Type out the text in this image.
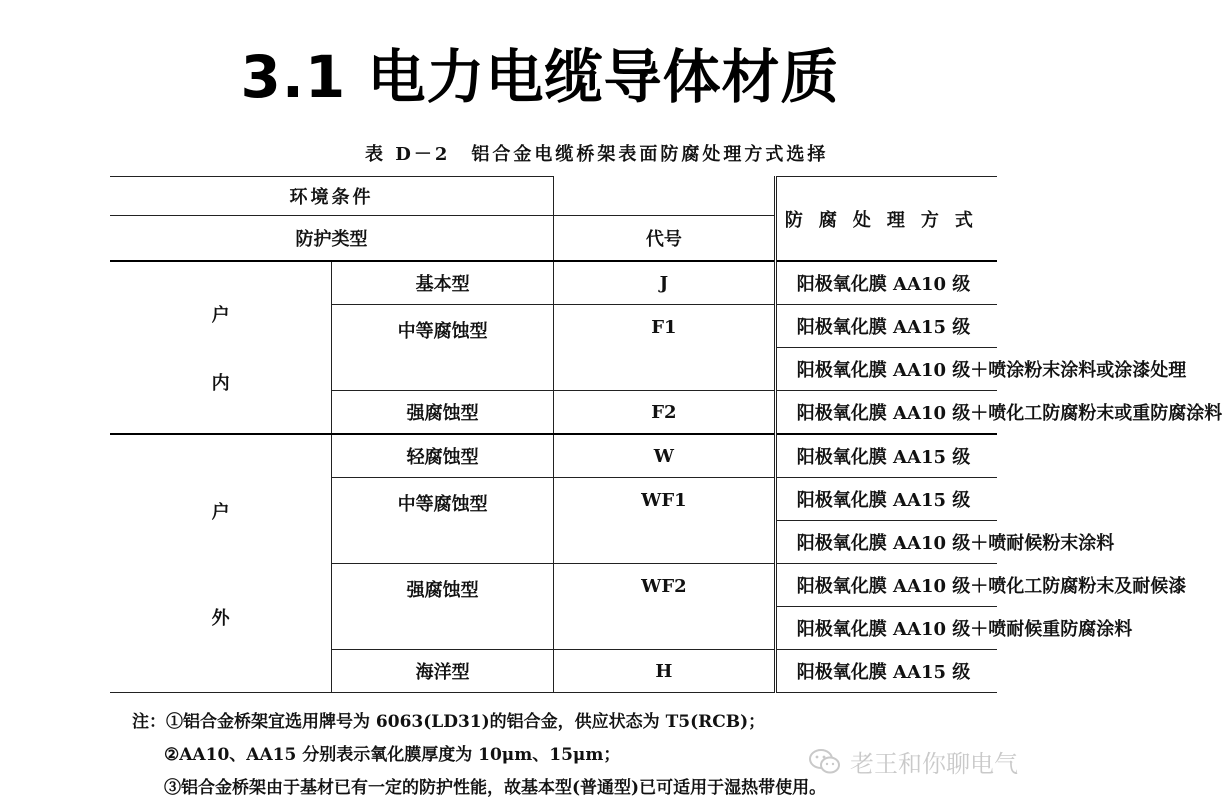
3.1 电力电缆导体材质
表 D－2　铝合金电缆桥架表面防腐处理方式选择
环境条件			防腐处理方式
防护类型		代号	

户
内	基本型	J	阳极氧化膜 AA10 级
	中等腐蚀型	F1	阳极氧化膜 AA15 级
			阳极氧化膜 AA10 级＋喷涂粉末涂料或涂漆处理
	强腐蚀型	F2	阳极氧化膜 AA10 级＋喷化工防腐粉末或重防腐涂料

户
外	轻腐蚀型	W	阳极氧化膜 AA15 级
	中等腐蚀型	WF1	阳极氧化膜 AA15 级
			阳极氧化膜 AA10 级＋喷耐候粉末涂料
	强腐蚀型	WF2	阳极氧化膜 AA10 级＋喷化工防腐粉末及耐候漆
			阳极氧化膜 AA10 级＋喷耐候重防腐涂料
	海洋型	H	阳极氧化膜 AA15 级
注：①铝合金桥架宜选用牌号为 6063(LD31)的铝合金，供应状态为 T5(RCB)；
②AA10、AA15 分别表示氧化膜厚度为 10μm、15μm；
③铝合金桥架由于基材已有一定的防护性能，故基本型(普通型)已可适用于湿热带使用。
老王和你聊电气
